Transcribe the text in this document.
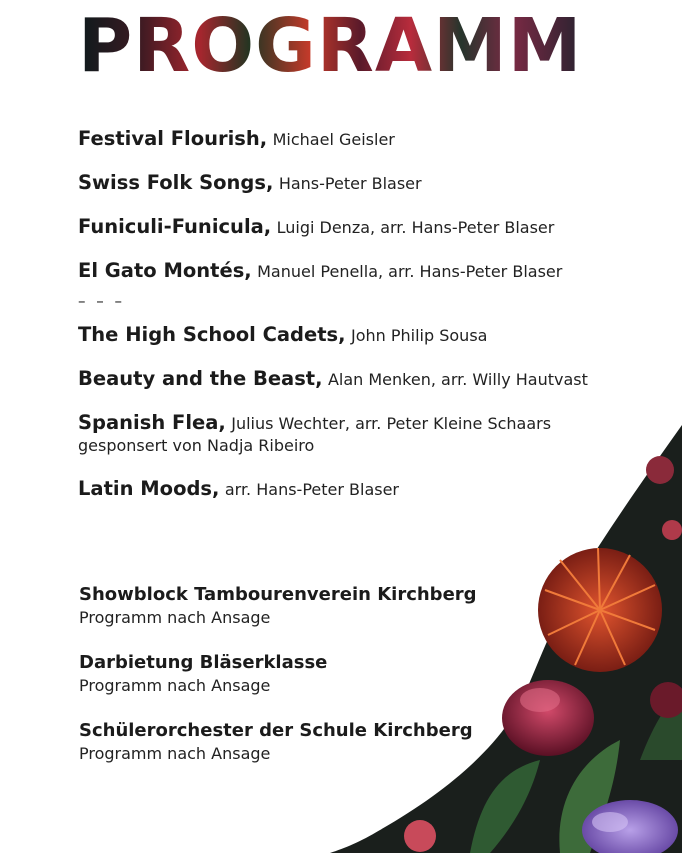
PROGRAMM
Festival Flourish, Michael Geisler
Swiss Folk Songs, Hans-Peter Blaser
Funiculi-Funicula, Luigi Denza, arr. Hans-Peter Blaser
El Gato Montés, Manuel Penella, arr. Hans-Peter Blaser
– – –
The High School Cadets, John Philip Sousa
Beauty and the Beast, Alan Menken, arr. Willy Hautvast
Spanish Flea, Julius Wechter, arr. Peter Kleine Schaars
gesponsert von Nadja Ribeiro
Latin Moods, arr. Hans-Peter Blaser
Showblock Tambourenverein Kirchberg
Programm nach Ansage
Darbietung Bläserklasse
Programm nach Ansage
Schülerorchester der Schule Kirchberg
Programm nach Ansage
